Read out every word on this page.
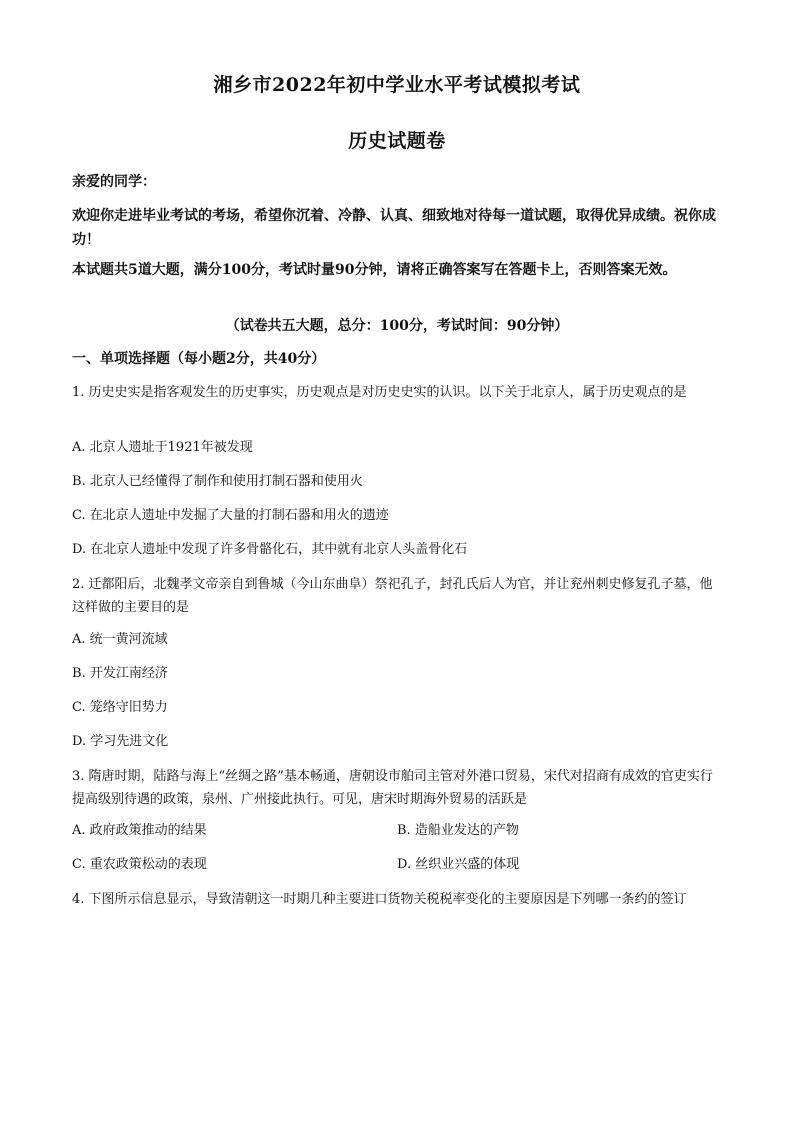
湘乡市2022年初中学业水平考试模拟考试
历史试题卷
亲爱的同学：
欢迎你走进毕业考试的考场，希望你沉着、冷静、认真、细致地对待每一道试题，取得优异成绩。祝你成功！
本试题共5道大题，满分100分，考试时量90分钟，请将正确答案写在答题卡上，否则答案无效。
（试卷共五大题，总分：100分，考试时间：90分钟）
一、单项选择题（每小题2分，共40分）
1. 历史史实是指客观发生的历史事实，历史观点是对历史史实的认识。以下关于北京人，属于历史观点的是
A. 北京人遗址于1921年被发现
B. 北京人已经懂得了制作和使用打制石器和使用火
C. 在北京人遗址中发掘了大量的打制石器和用火的遗迹
D. 在北京人遗址中发现了许多骨骼化石，其中就有北京人头盖骨化石
2. 迁都阳后，北魏孝文帝亲自到鲁城（今山东曲阜）祭祀孔子，封孔氏后人为官，并让兖州刺史修复孔子墓，他这样做的主要目的是
A. 统一黄河流域
B. 开发江南经济
C. 笼络守旧势力
D. 学习先进文化
3. 隋唐时期，陆路与海上“丝绸之路”基本畅通，唐朝设市舶司主管对外港口贸易，宋代对招商有成效的官吏实行提高级别待遇的政策，泉州、广州接此执行。可见，唐宋时期海外贸易的活跃是
A. 政府政策推动的结果	B. 造船业发达的产物
C. 重农政策松动的表现	D. 丝织业兴盛的体现
4. 下图所示信息显示，导致清朝这一时期几种主要进口货物关税税率变化的主要原因是下列哪一条约的签订
